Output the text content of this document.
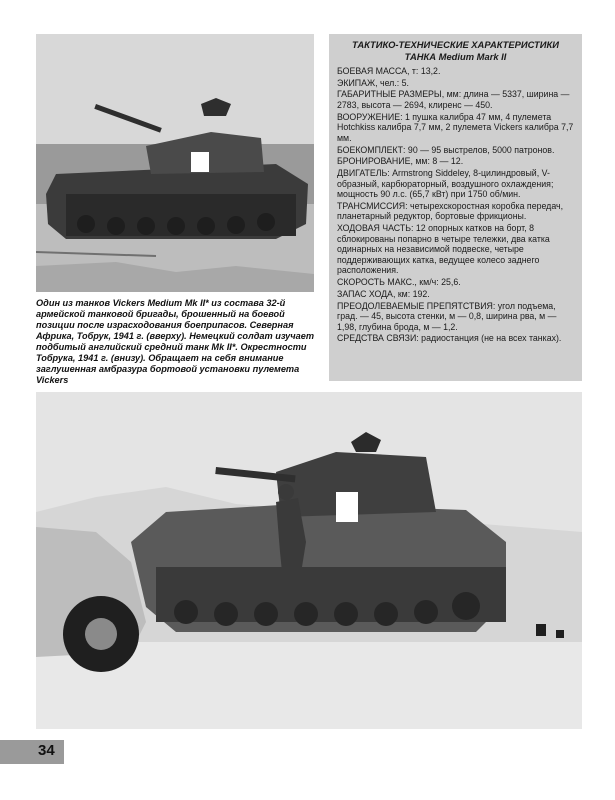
Один из танков Vickers Medium Mk II* из состава 32-й армейской танковой бригады, брошенный на боевой позиции после израсходования боеприпасов. Северная Африка, Тобрук, 1941 г. (вверху). Немецкий солдат изучает подбитый английский средний танк Mk II*. Окрестности Тобрука, 1941 г. (внизу). Обращает на себя внимание заглушенная амбразура бортовой установки пулемета Vickers

ТАКТИКО-ТЕХНИЧЕСКИЕ ХАРАКТЕРИСТИКИ

ТАНКА Medium Mark II

БОЕВАЯ МАССА, т: 13,2.

ЭКИПАЖ, чел.: 5.

ГАБАРИТНЫЕ РАЗМЕРЫ, мм: длина — 5337, ширина — 2783, высота — 2694, клиренс — 450.

ВООРУЖЕНИЕ: 1 пушка калибра 47 мм, 4 пулемета Hotchkiss калибра 7,7 мм, 2 пулемета Vickers калибра 7,7 мм.

БОЕКОМПЛЕКТ: 90 — 95 выстрелов, 5000 патронов.

БРОНИРОВАНИЕ, мм: 8 — 12.

ДВИГАТЕЛЬ: Armstrong Siddeley, 8-цилиндровый, V-образный, карбюраторный, воздушного охлаждения; мощность 90 л.с. (65,7 кВт) при 1750 об/мин.

ТРАНСМИССИЯ: четырехскоростная коробка передач, планетарный редуктор, бортовые фрикционы.

ХОДОВАЯ ЧАСТЬ: 12 опорных катков на борт, 8 сблокированы попарно в четыре тележки, два катка одинарных на независимой подвеске, четыре поддерживающих катка, ведущее колесо заднего расположения.

СКОРОСТЬ МАКС., км/ч: 25,6.

ЗАПАС ХОДА, км: 192.

ПРЕОДОЛЕВАЕМЫЕ ПРЕПЯТСТВИЯ: угол подъема, град. — 45, высота стенки, м — 0,8, ширина рва, м — 1,98, глубина брода, м — 1,2.

СРЕДСТВА СВЯЗИ: радиостанция (не на всех танках).

34
